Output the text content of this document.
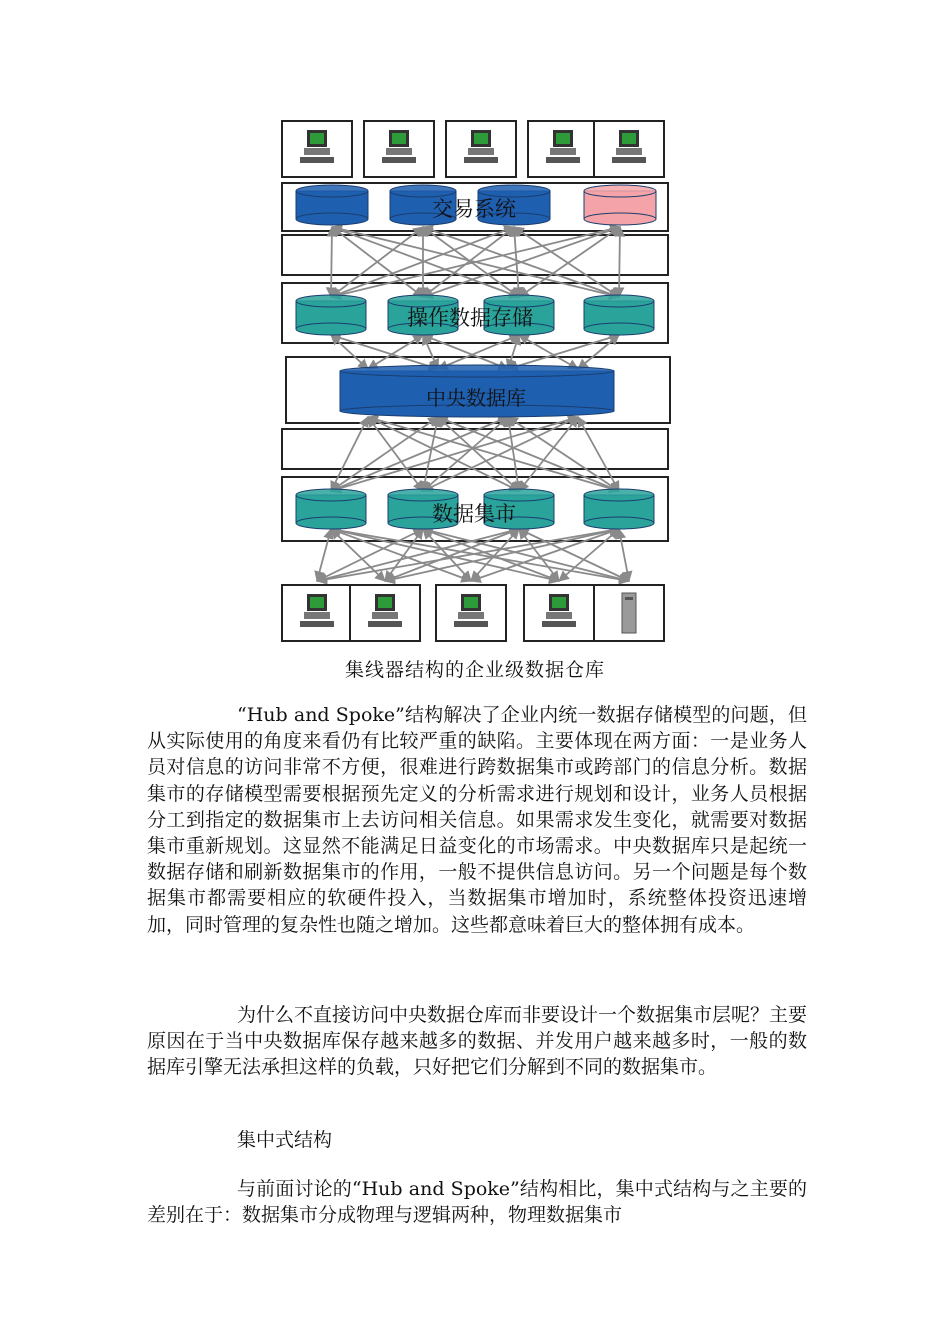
交易系统
操作数据存储
中央数据库
数据集市
集线器结构的企业级数据仓库

“Hub and Spoke”结构解决了企业内统一数据存储模型的问题，但从实际使用的角度来看仍有比较严重的缺陷。主要体现在两方面：一是业务人员对信息的访问非常不方便，很难进行跨数据集市或跨部门的信息分析。数据集市的存储模型需要根据预先定义的分析需求进行规划和设计，业务人员根据分工到指定的数据集市上去访问相关信息。如果需求发生变化，就需要对数据集市重新规划。这显然不能满足日益变化的市场需求。中央数据库只是起统一数据存储和刷新数据集市的作用，一般不提供信息访问。另一个问题是每个数据集市都需要相应的软硬件投入，当数据集市增加时，系统整体投资迅速增加，同时管理的复杂性也随之增加。这些都意味着巨大的整体拥有成本。

为什么不直接访问中央数据仓库而非要设计一个数据集市层呢？主要原因在于当中央数据库保存越来越多的数据、并发用户越来越多时，一般的数据库引擎无法承担这样的负载，只好把它们分解到不同的数据集市。

集中式结构

与前面讨论的“Hub and Spoke”结构相比，集中式结构与之主要的差别在于：数据集市分成物理与逻辑两种，物理数据集市
